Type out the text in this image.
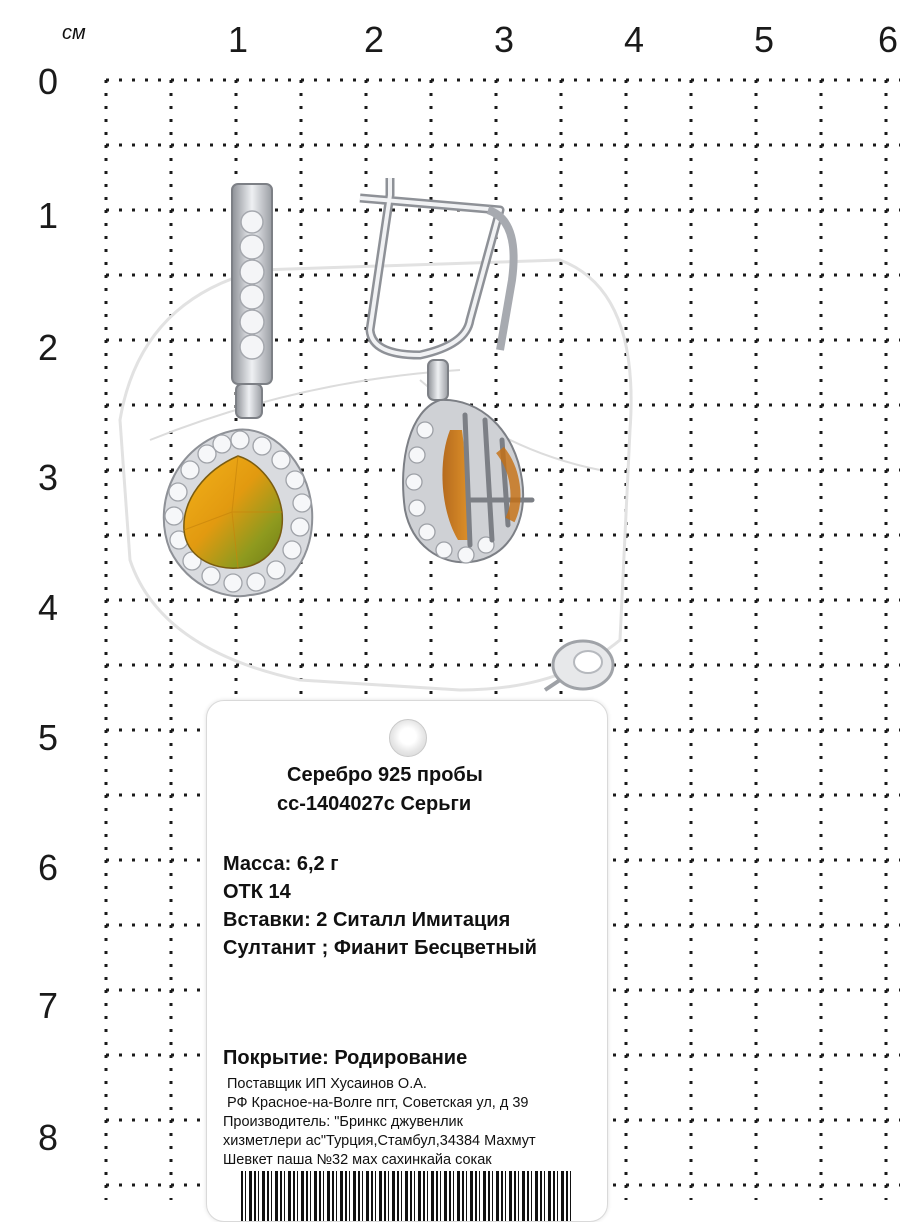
см	1	2	3	4	5	6
0
1
2
3
4
5
6
7
8
Серебро 925 пробы
сс-1404027с Серьги
Масса: 6,2 г
ОТК 14
Вставки: 2 Ситалл Имитация
Султанит ; Фианит Бесцветный
Покрытие: Родирование
Поставщик ИП Хусаинов О.А.
РФ Красное-на-Волге пгт, Советская ул, д 39
Производитель: "Бринкс джувенлик
хизметлери ас"Турция,Стамбул,34384 Махмут
Шевкет паша №32 мах сахинкайа сокак
